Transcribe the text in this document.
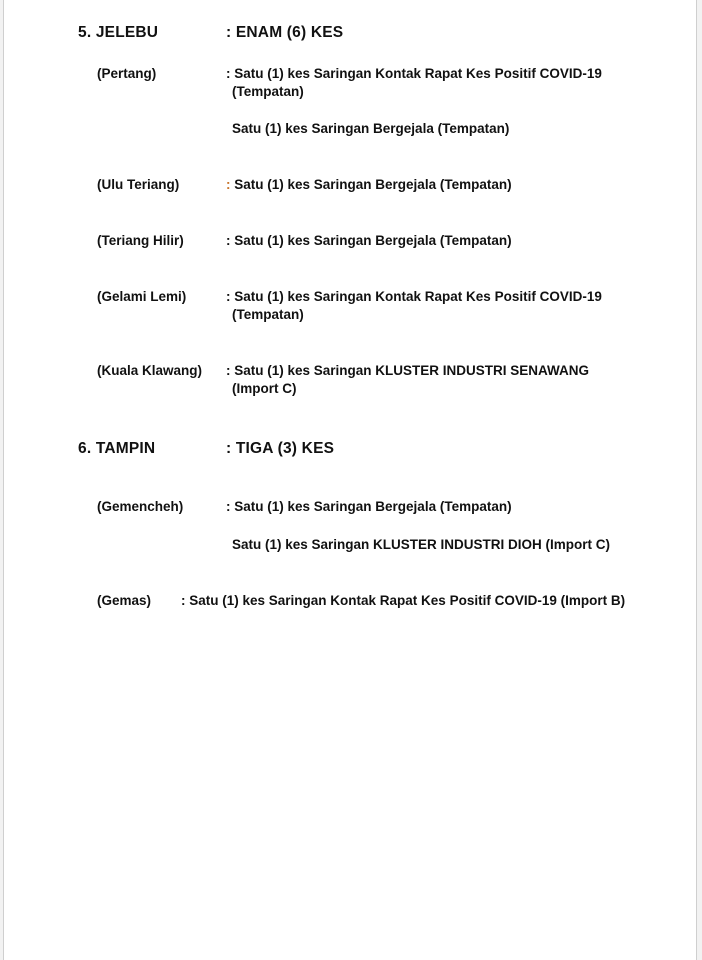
5. JELEBU	: ENAM (6) KES
(Pertang)	: Satu (1) kes Saringan Kontak Rapat Kes Positif COVID-19
(Tempatan)
Satu (1) kes Saringan Bergejala (Tempatan)
(Ulu Teriang)	: Satu (1) kes Saringan Bergejala (Tempatan)
(Teriang Hilir)	: Satu (1) kes Saringan Bergejala (Tempatan)
(Gelami Lemi)	: Satu (1) kes Saringan Kontak Rapat Kes Positif COVID-19
(Tempatan)
(Kuala Klawang) : Satu (1) kes Saringan KLUSTER INDUSTRI SENAWANG
(Import C)
6. TAMPIN	: TIGA (3) KES
(Gemencheh)	: Satu (1) kes Saringan Bergejala (Tempatan)
Satu (1) kes Saringan KLUSTER INDUSTRI DIOH (Import C)
(Gemas) : Satu (1) kes Saringan Kontak Rapat Kes Positif COVID-19 (Import B)
